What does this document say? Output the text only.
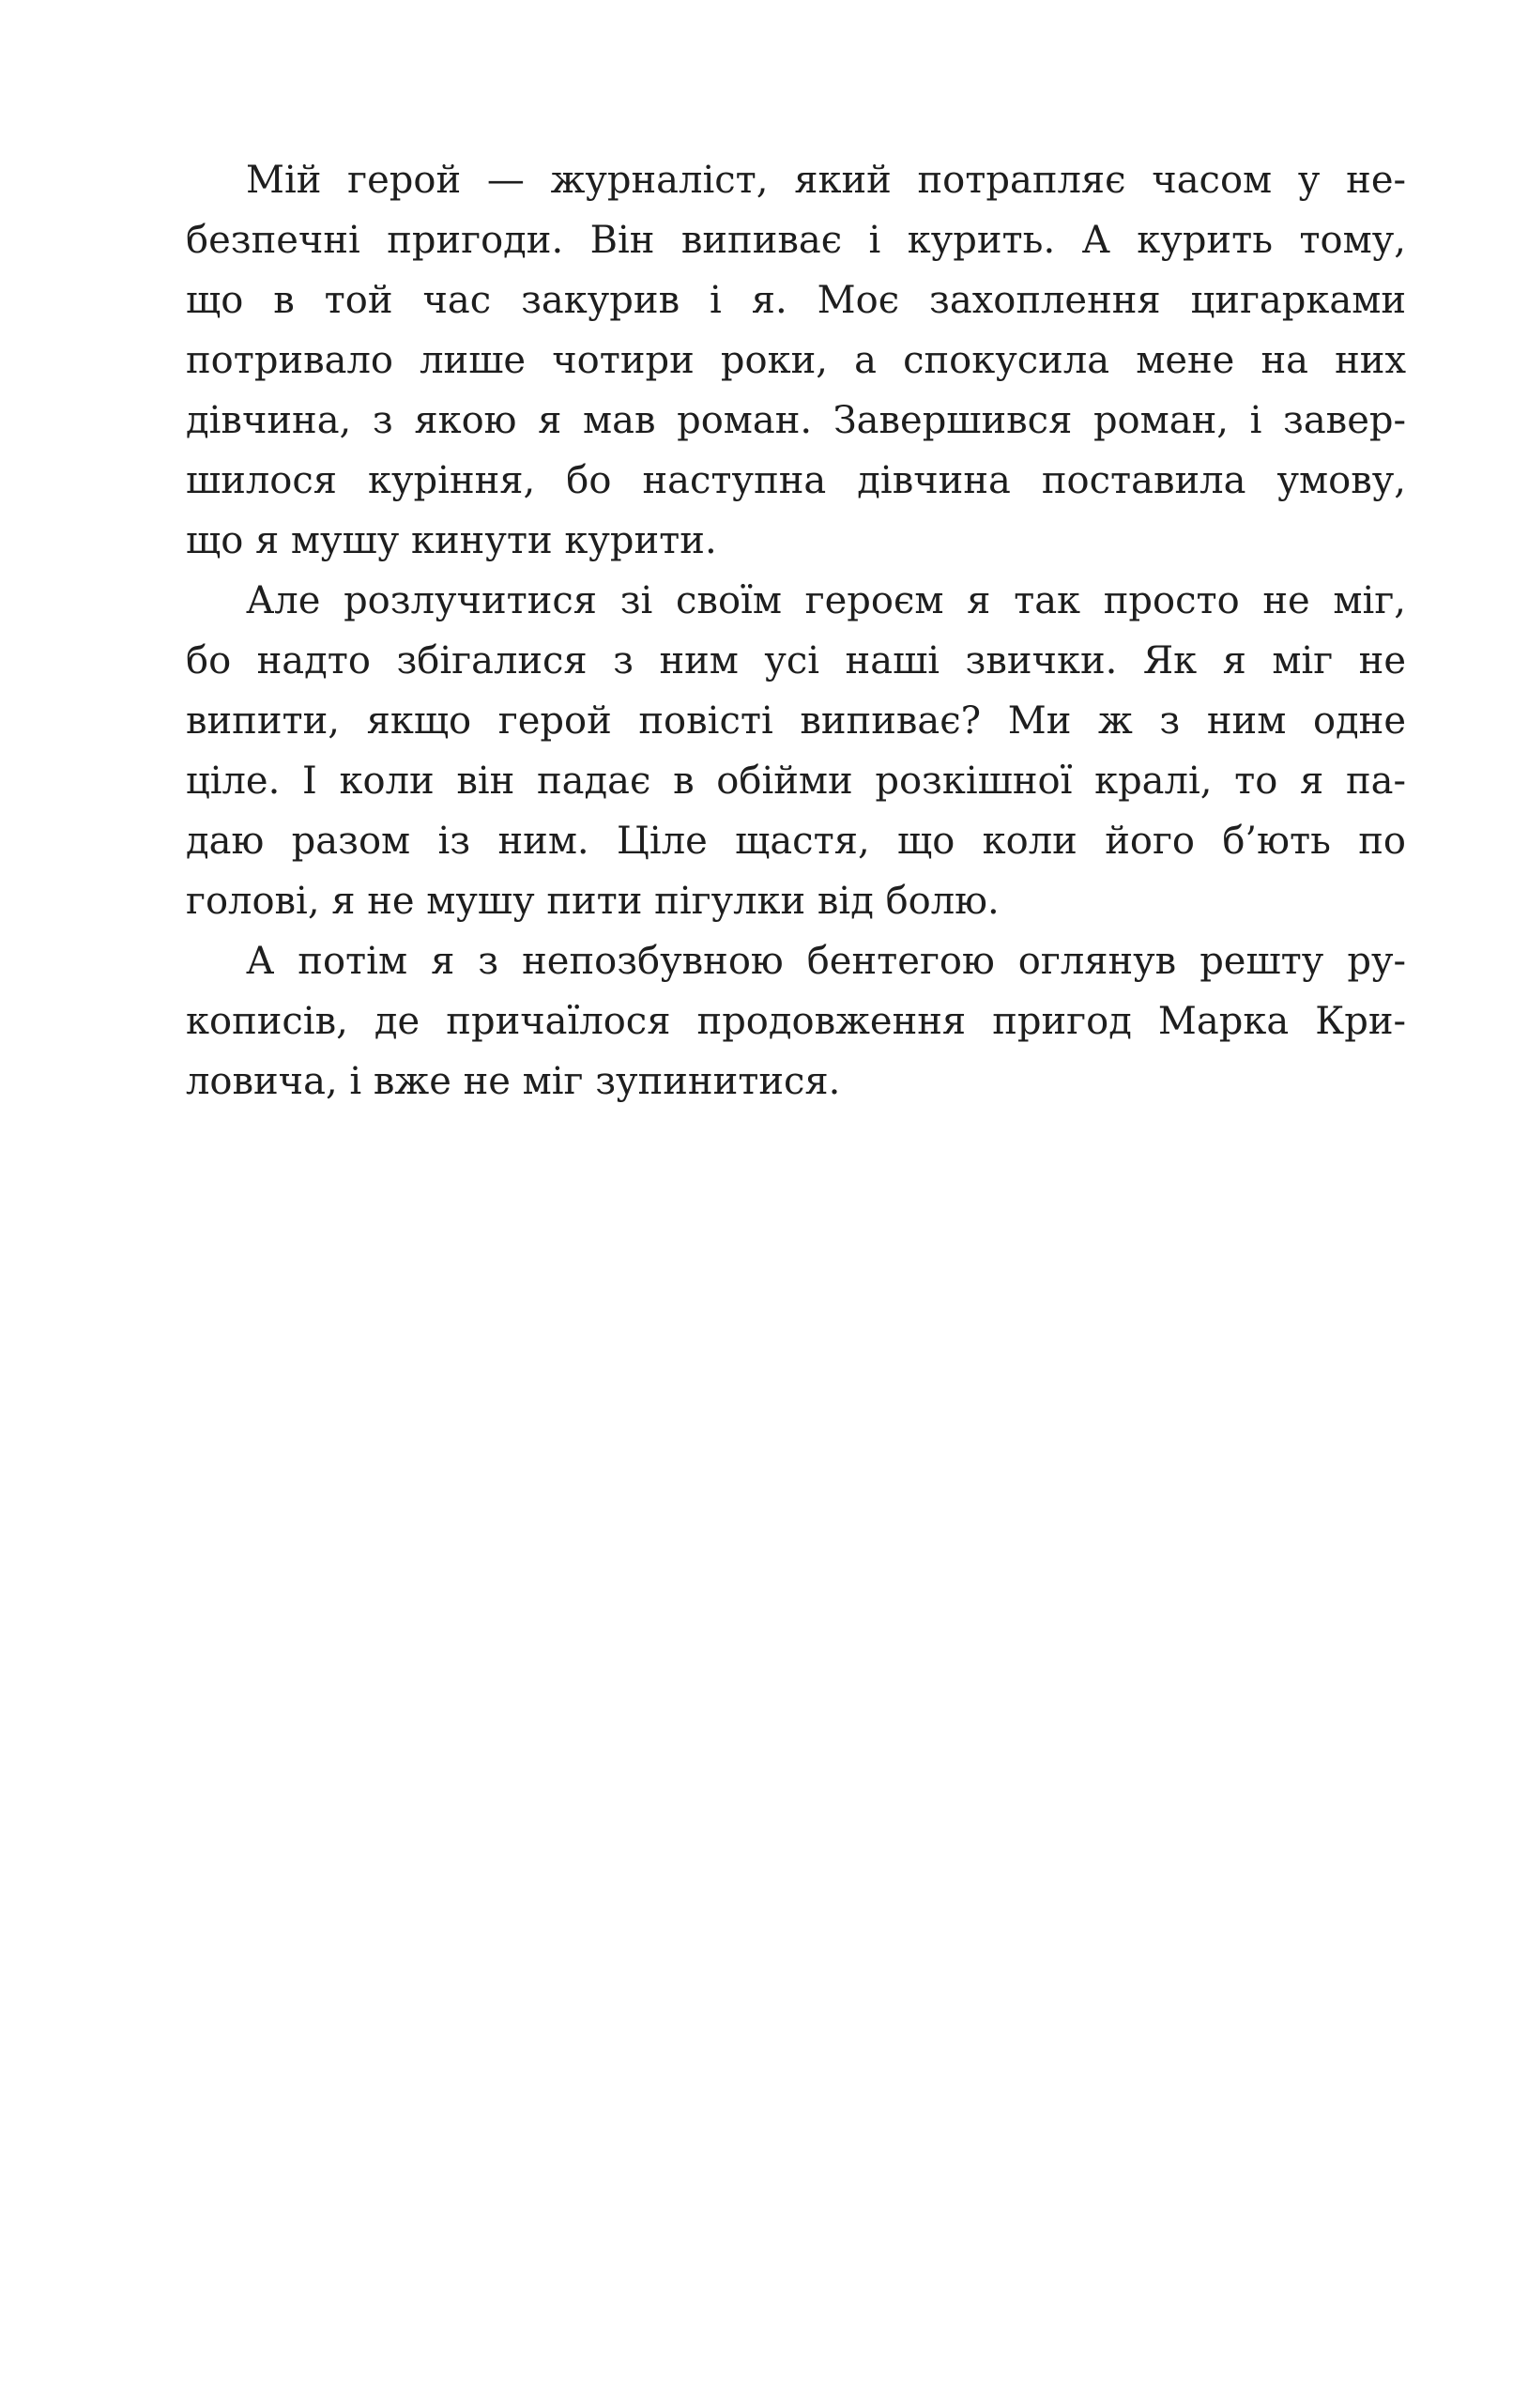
Мій герой — журналіст, який потрапляє часом у не-
безпечні пригоди. Він випиває і курить. А курить тому,
що в той час закурив і я. Моє захоплення цигарками
потривало лише чотири роки, а спокусила мене на них
дівчина, з якою я мав роман. Завершився роман, і завер-
шилося куріння, бо наступна дівчина поставила умову,
що я мушу кинути курити.

Але розлучитися зі своїм героєм я так просто не міг,
бо надто збігалися з ним усі наші звички. Як я міг не
випити, якщо герой повісті випиває? Ми ж з ним одне
ціле. І коли він падає в обійми розкішної кралі, то я па-
даю разом із ним. Ціле щастя, що коли його б’ють по
голові, я не мушу пити пігулки від болю.

А потім я з непозбувною бентегою оглянув решту ру-
кописів, де причаїлося продовження пригод Марка Кри-
ловича, і вже не міг зупинитися.
